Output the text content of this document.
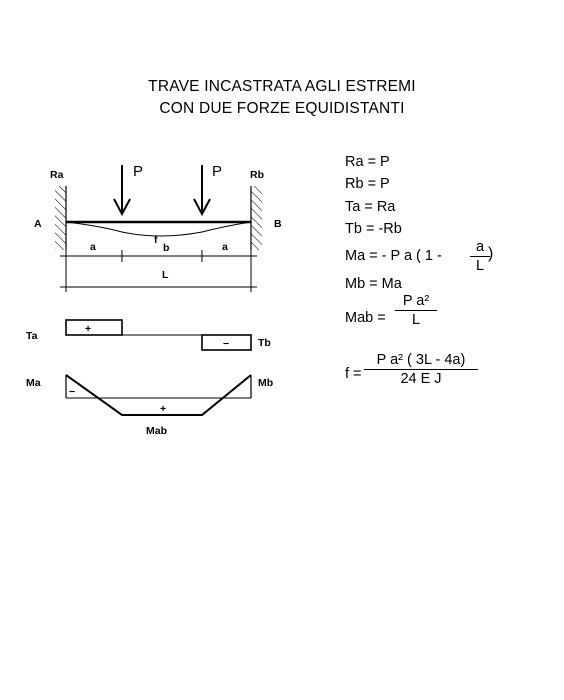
TRAVE INCASTRATA AGLI ESTREMI
CON DUE FORZE EQUIDISTANTI
P	P
Ra	Rb
A	B
f
b
a	a
L
Ta
Tb
+
−
Ma	Mb
Mab
−
+
Ra = P
Rb = P
Ta = Ra
Tb = -Rb
Ma = - P a ( $1 - \frac{a}{L}$
)
Mb = Ma
Mab = $\frac{\text{P a²}}{L}$
$f = \frac{\text{P a² ( 3L - 4a)}}{\text{24 E J}}$
